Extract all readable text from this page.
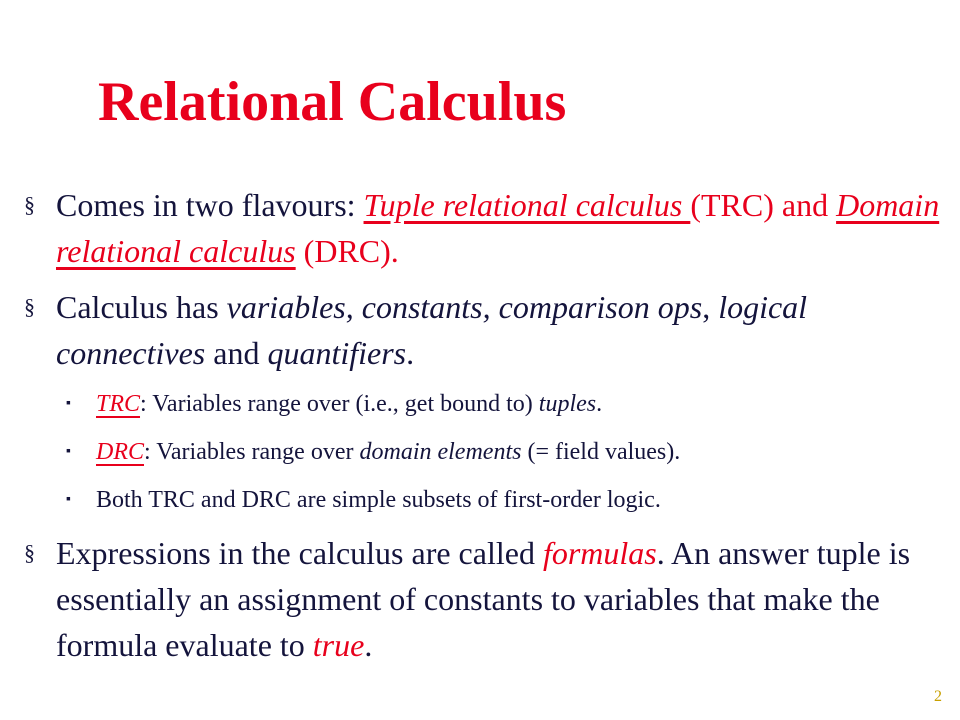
Relational Calculus
§ Comes in two flavours: Tuple relational calculus (TRC) and Domain relational calculus (DRC).
§ Calculus has variables, constants, comparison ops, logical connectives and quantifiers.
▪ TRC: Variables range over (i.e., get bound to) tuples.
▪ DRC: Variables range over domain elements (= field values).
▪ Both TRC and DRC are simple subsets of first-order logic.
§ Expressions in the calculus are called formulas. An answer tuple is essentially an assignment of constants to variables that make the formula evaluate to true.
2
